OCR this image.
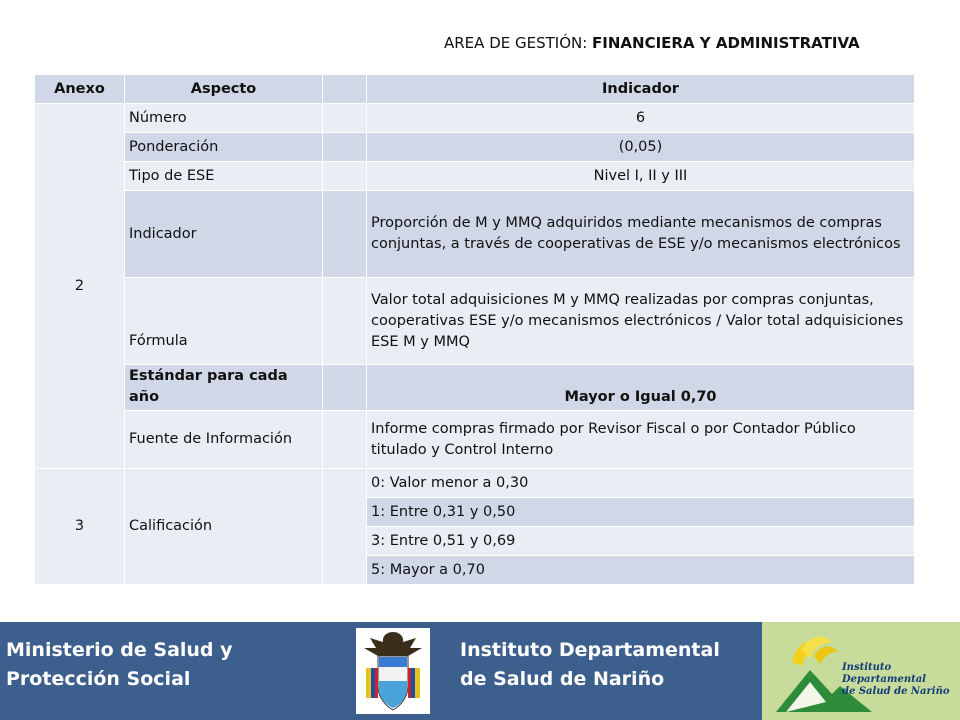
AREA DE GESTIÓN: FINANCIERA Y ADMINISTRATIVA
Anexo	Aspecto		Indicador
2	Número		6
	Ponderación		(0,05)
	Tipo de ESE		Nivel I, II y III
	Indicador		Proporción de M y MMQ adquiridos mediante mecanismos de compras conjuntas, a través de cooperativas de ESE y/o mecanismos electrónicos
	Fórmula		Valor total adquisiciones M y MMQ realizadas por compras conjuntas, cooperativas ESE y/o mecanismos electrónicos / Valor total adquisiciones ESE M y MMQ
	Estándar para cada año		Mayor o Igual 0,70
	Fuente de Información		Informe compras firmado por Revisor Fiscal o por Contador Público titulado y Control Interno
3	Calificación		0: Valor menor a 0,30
			1: Entre 0,31 y 0,50
			3: Entre 0,51 y 0,69
			5: Mayor a 0,70
Ministerio de Salud y
Protección Social
Instituto Departamental
de Salud de Nariño
Instituto
Departamental
de Salud de Nariño
